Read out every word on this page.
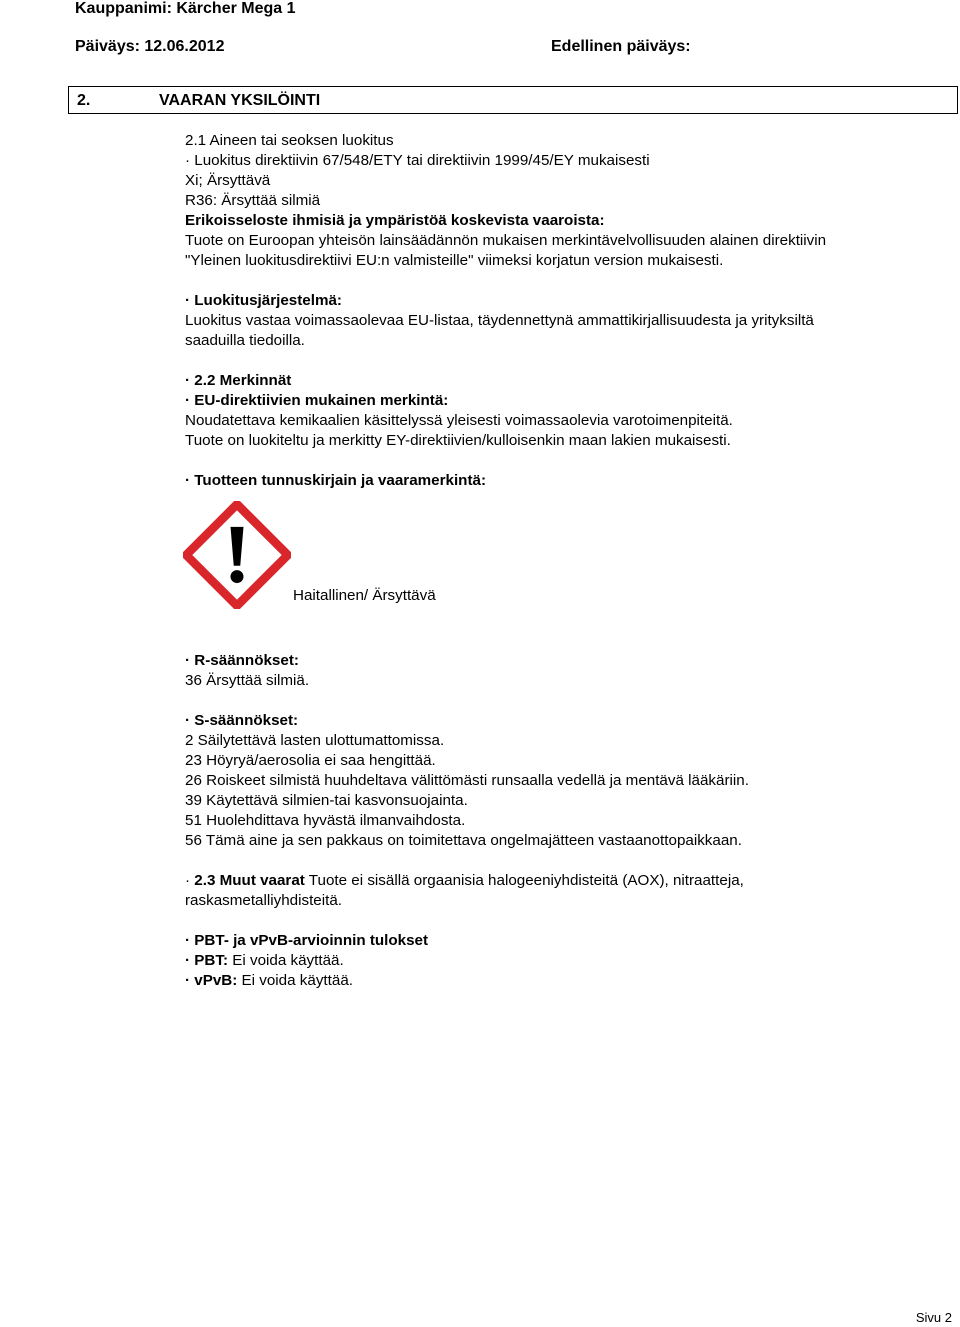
Kauppanimi: Kärcher Mega 1
Päiväys: 12.06.2012	Edellinen päiväys:
2.	VAARAN YKSILÖINTI
2.1 Aineen tai seoksen luokitus
· Luokitus direktiivin 67/548/ETY tai direktiivin 1999/45/EY mukaisesti
Xi; Ärsyttävä
R36: Ärsyttää silmiä
Erikoisseloste ihmisiä ja ympäristöä koskevista vaaroista:
Tuote on Euroopan yhteisön lainsäädännön mukaisen merkintävelvollisuuden alainen direktiivin
"Yleinen luokitusdirektiivi EU:n valmisteille" viimeksi korjatun version mukaisesti.
· Luokitusjärjestelmä:
Luokitus vastaa voimassaolevaa EU-listaa, täydennettynä ammattikirjallisuudesta ja yrityksiltä
saaduilla tiedoilla.
· 2.2 Merkinnät
· EU-direktiivien mukainen merkintä:
Noudatettava kemikaalien käsittelyssä yleisesti voimassaolevia varotoimenpiteitä.
Tuote on luokiteltu ja merkitty EY-direktiivien/kulloisenkin maan lakien mukaisesti.
· Tuotteen tunnuskirjain ja vaaramerkintä:
Haitallinen/ Ärsyttävä
· R-säännökset:
36 Ärsyttää silmiä.
· S-säännökset:
2 Säilytettävä lasten ulottumattomissa.
23 Höyryä/aerosolia ei saa hengittää.
26 Roiskeet silmistä huuhdeltava välittömästi runsaalla vedellä ja mentävä lääkäriin.
39 Käytettävä silmien-tai kasvonsuojainta.
51 Huolehdittava hyvästä ilmanvaihdosta.
56 Tämä aine ja sen pakkaus on toimitettava ongelmajätteen vastaanottopaikkaan.
· 2.3 Muut vaarat Tuote ei sisällä orgaanisia halogeeniyhdisteitä (AOX), nitraatteja,
raskasmetalliyhdisteitä.
· PBT- ja vPvB-arvioinnin tulokset
· PBT: Ei voida käyttää.
· vPvB: Ei voida käyttää.
Sivu 2
